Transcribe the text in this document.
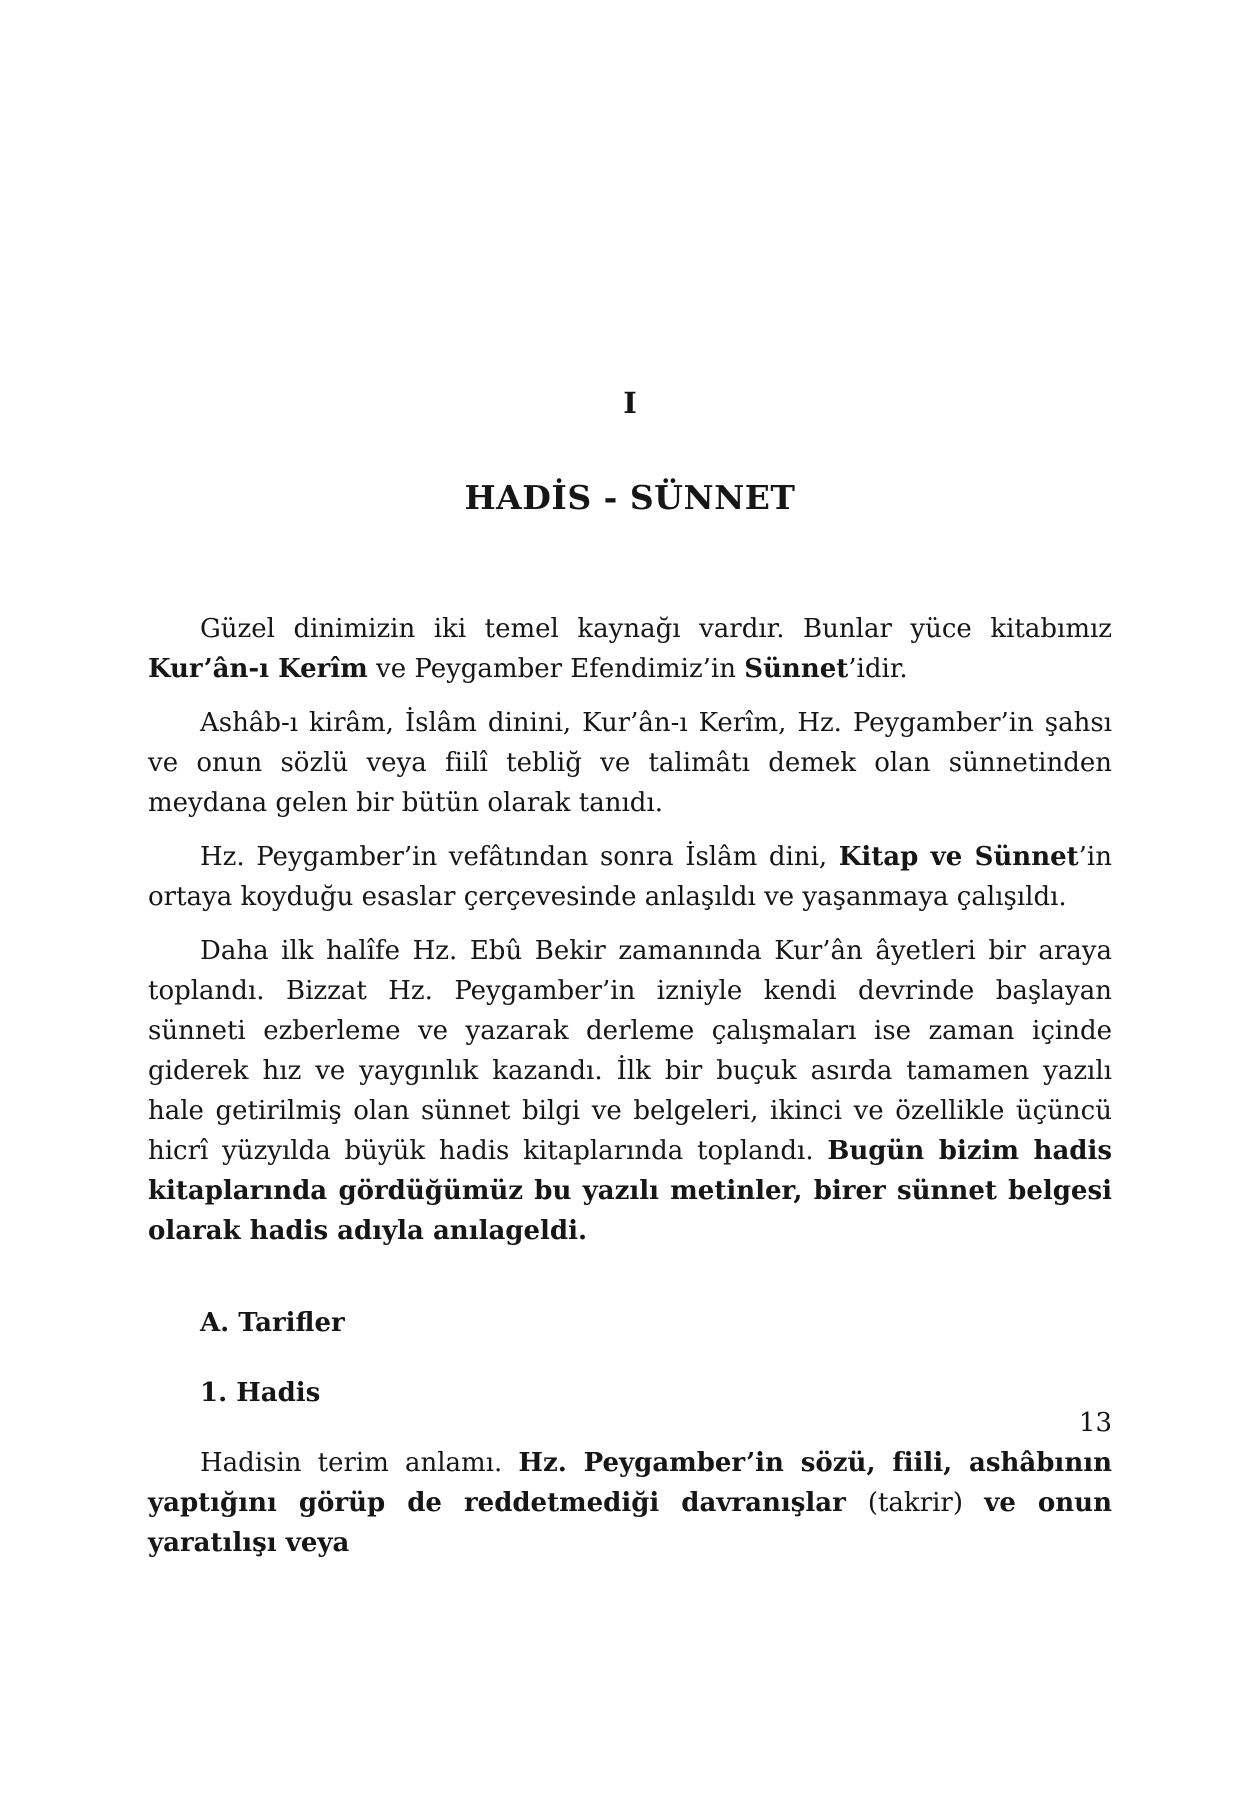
I

HADİS - SÜNNET

Güzel dinimizin iki temel kaynağı vardır. Bunlar yüce kitabımız Kur’ân-ı Kerîm ve Peygamber Efendimiz’in Sünnet’idir.

Ashâb-ı kirâm, İslâm dinini, Kur’ân-ı Kerîm, Hz. Peygamber’in şahsı ve onun sözlü veya fiilî tebliğ ve talimâtı demek olan sünnetinden meydana gelen bir bütün olarak tanıdı.

Hz. Peygamber’in vefâtından sonra İslâm dini, Kitap ve Sünnet’in ortaya koyduğu esaslar çerçevesinde anlaşıldı ve yaşanmaya çalışıldı.

Daha ilk halîfe Hz. Ebû Bekir zamanında Kur’ân âyetleri bir araya toplandı. Bizzat Hz. Peygamber’in izniyle kendi devrinde başlayan sünneti ezberleme ve yazarak derleme çalışmaları ise zaman içinde giderek hız ve yaygınlık kazandı. İlk bir buçuk asırda tamamen yazılı hale getirilmiş olan sünnet bilgi ve belgeleri, ikinci ve özellikle üçüncü hicrî yüzyılda büyük hadis kitaplarında toplandı. Bugün bizim hadis kitaplarında gördüğümüz bu yazılı metinler, birer sünnet belgesi olarak hadis adıyla anılageldi.

A. Tarifler

1. Hadis

Hadisin terim anlamı. Hz. Peygamber’in sözü, fiili, ashâbının yaptığını görüp de reddetmediği davranışlar (takrir) ve onun yaratılışı veya

13
